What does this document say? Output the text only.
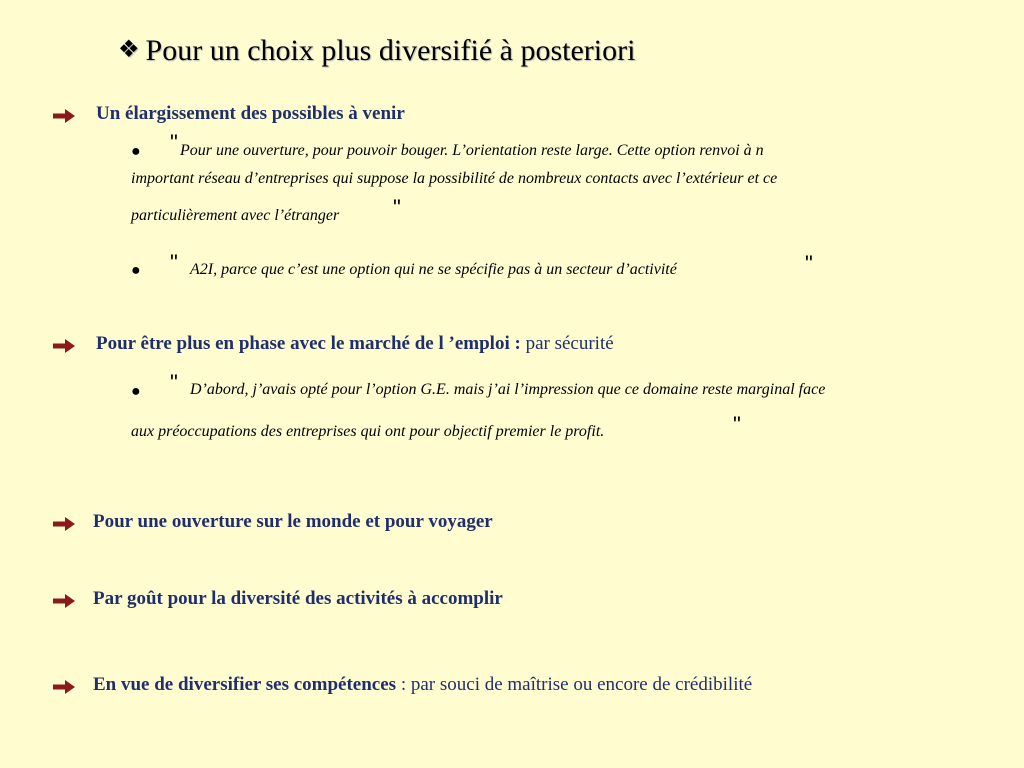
❖ Pour un choix plus diversifié à posteriori
Un élargissement des possibles à venir
● " Pour une ouverture, pour pouvoir bouger. L’orientation reste large. Cette option renvoi à n
important réseau d’entreprises qui suppose la possibilité de nombreux contacts avec l’extérieur et ce
particulièrement avec l’étranger "
● " A2I, parce que c’est une option qui ne se spécifie pas à un secteur d’activité	"
Pour être plus en phase avec le marché de l ’emploi : par sécurité
● " D’abord, j’avais opté pour l’option G.E. mais j’ai l’impression que ce domaine reste marginal face
aux préoccupations des entreprises qui ont pour objectif premier le profit.	"
Pour une ouverture sur le monde et pour voyager
Par goût pour la diversité des activités à accomplir
En vue de diversifier ses compétences : par souci de maîtrise ou encore de crédibilité
